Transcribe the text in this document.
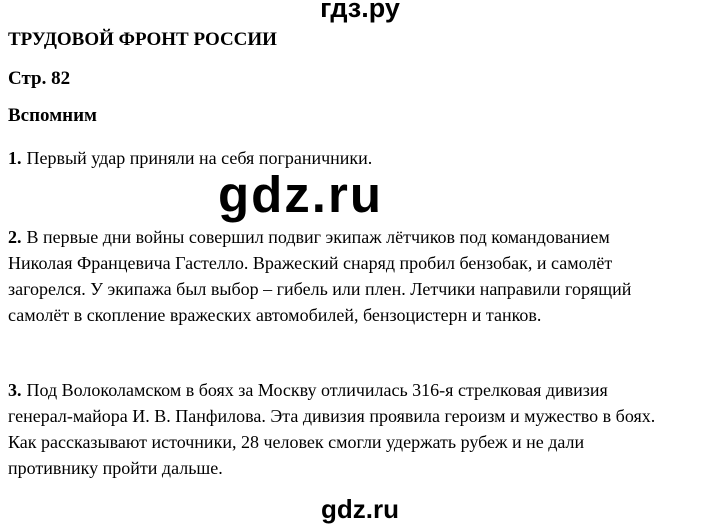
гдз.ру
ТРУДОВОЙ ФРОНТ РОССИИ
Стр. 82
Вспомним
1. Первый удар приняли на себя пограничники.
gdz.ru
2. В первые дни войны совершил подвиг экипаж лётчиков под командованием
Николая Францевича Гастелло. Вражеский снаряд пробил бензобак, и самолёт
загорелся. У экипажа был выбор – гибель или плен. Летчики направили горящий
самолёт в скопление вражеских автомобилей, бензоцистерн и танков.
3. Под Волоколамском в боях за Москву отличилась 316-я стрелковая дивизия
генерал-майора И. В. Панфилова. Эта дивизия проявила героизм и мужество в боях.
Как рассказывают источники, 28 человек смогли удержать рубеж и не дали
противнику пройти дальше.
gdz.ru
